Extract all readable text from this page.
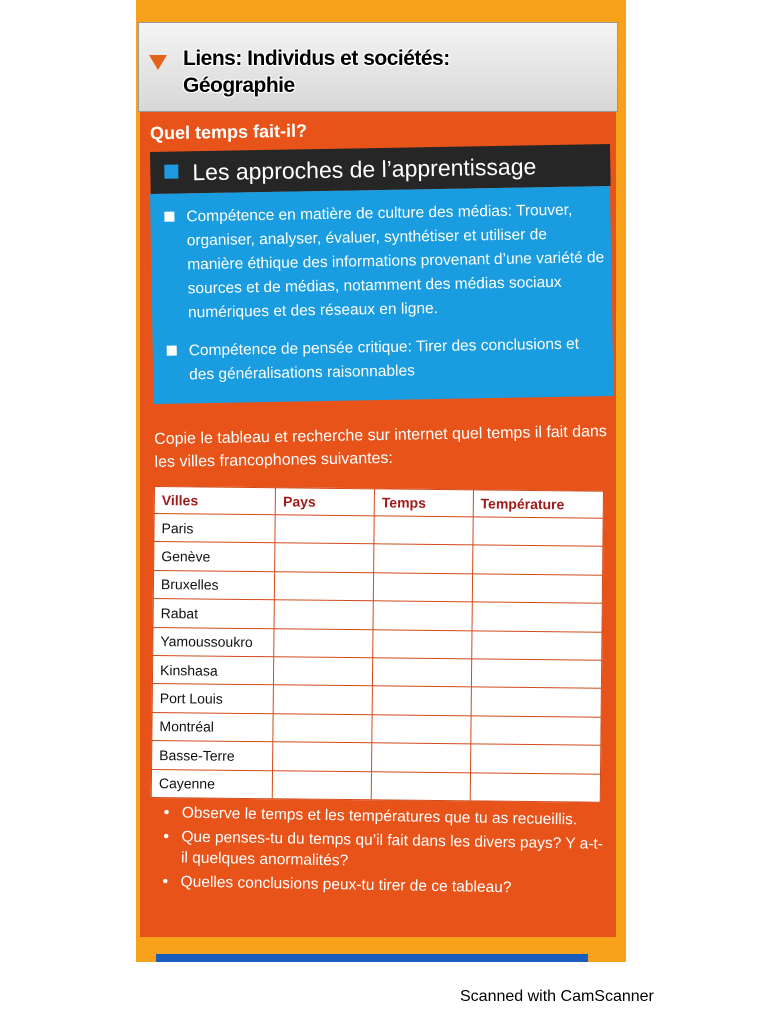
Liens: Individus et sociétés:
Géographie
Quel temps fait-il?
Les approches de l’apprentissage
Compétence en matière de culture des médias: Trouver, organiser, analyser, évaluer, synthétiser et utiliser de manière éthique des informations provenant d’une variété de sources et de médias, notamment des médias sociaux numériques et des réseaux en ligne.
Compétence de pensée critique: Tirer des conclusions et des généralisations raisonnables
Copie le tableau et recherche sur internet quel temps il fait dans les villes francophones suivantes:
Villes	Pays	Temps	Température
Paris			
Genève			
Bruxelles			
Rabat			
Yamoussoukro			
Kinshasa			
Port Louis			
Montréal			
Basse-Terre			
Cayenne			
• Observe le temps et les températures que tu as recueillis.
• Que penses-tu du temps qu’il fait dans les divers pays? Y a-t-il quelques anormalités?
• Quelles conclusions peux-tu tirer de ce tableau?
Scanned with CamScanner
